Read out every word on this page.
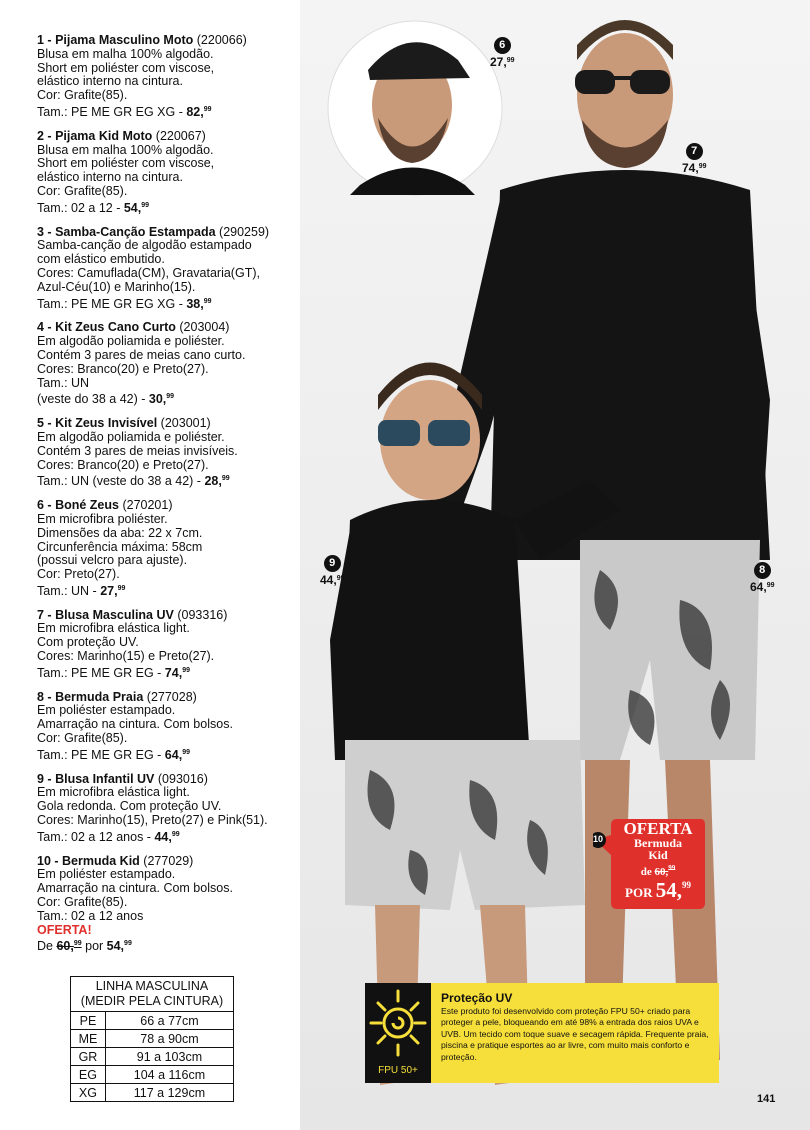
1 - Pijama Masculino Moto (220066)
Blusa em malha 100% algodão.
Short em poliéster com viscose,
elástico interno na cintura.
Cor: Grafite(85).
Tam.: PE ME GR EG XG - 82,99
2 - Pijama Kid Moto (220067)
Blusa em malha 100% algodão.
Short em poliéster com viscose,
elástico interno na cintura.
Cor: Grafite(85).
Tam.: 02 a 12 - 54,99
3 - Samba-Canção Estampada (290259)
Samba-canção de algodão estampado
com elástico embutido.
Cores: Camuflada(CM), Gravataria(GT),
Azul-Céu(10) e Marinho(15).
Tam.: PE ME GR EG XG - 38,99
4 - Kit Zeus Cano Curto (203004)
Em algodão poliamida e poliéster.
Contém 3 pares de meias cano curto.
Cores: Branco(20) e Preto(27).
Tam.: UN
(veste do 38 a 42) - 30,99
5 - Kit Zeus Invisível (203001)
Em algodão poliamida e poliéster.
Contém 3 pares de meias invisíveis.
Cores: Branco(20) e Preto(27).
Tam.: UN (veste do 38 a 42) - 28,99
6 - Boné Zeus (270201)
Em microfibra poliéster.
Dimensões da aba: 22 x 7cm.
Circunferência máxima: 58cm
(possui velcro para ajuste).
Cor: Preto(27).
Tam.: UN - 27,99
7 - Blusa Masculina UV (093316)
Em microfibra elástica light.
Com proteção UV.
Cores: Marinho(15) e Preto(27).
Tam.: PE ME GR EG - 74,99
8 - Bermuda Praia (277028)
Em poliéster estampado.
Amarração na cintura. Com bolsos.
Cor: Grafite(85).
Tam.: PE ME GR EG - 64,99
9 - Blusa Infantil UV (093016)
Em microfibra elástica light.
Gola redonda. Com proteção UV.
Cores: Marinho(15), Preto(27) e Pink(51).
Tam.: 02 a 12 anos - 44,99
10 - Bermuda Kid (277029)
Em poliéster estampado.
Amarração na cintura. Com bolsos.
Cor: Grafite(85).
Tam.: 02 a 12 anos
OFERTA!
De 60,99 por 54,99
LINHA MASCULINA
(MEDIR PELA CINTURA)	
PE	66 a 77cm
ME	78 a 90cm
GR	91 a 103cm
EG	104 a 116cm
XG	117 a 129cm
6
27,99
7
74,99
8
64,99
9
44,99
10
OFERTA
Bermuda
Kid
de 60,99
POR 54,99
FPU 50+
Proteção UV
Este produto foi desenvolvido com proteção FPU 50+ criado para proteger a pele, bloqueando em até 98% a entrada dos raios UVA e UVB. Um tecido com toque suave e secagem rápida. Frequente praia, piscina e pratique esportes ao ar livre, com muito mais conforto e proteção.
141
